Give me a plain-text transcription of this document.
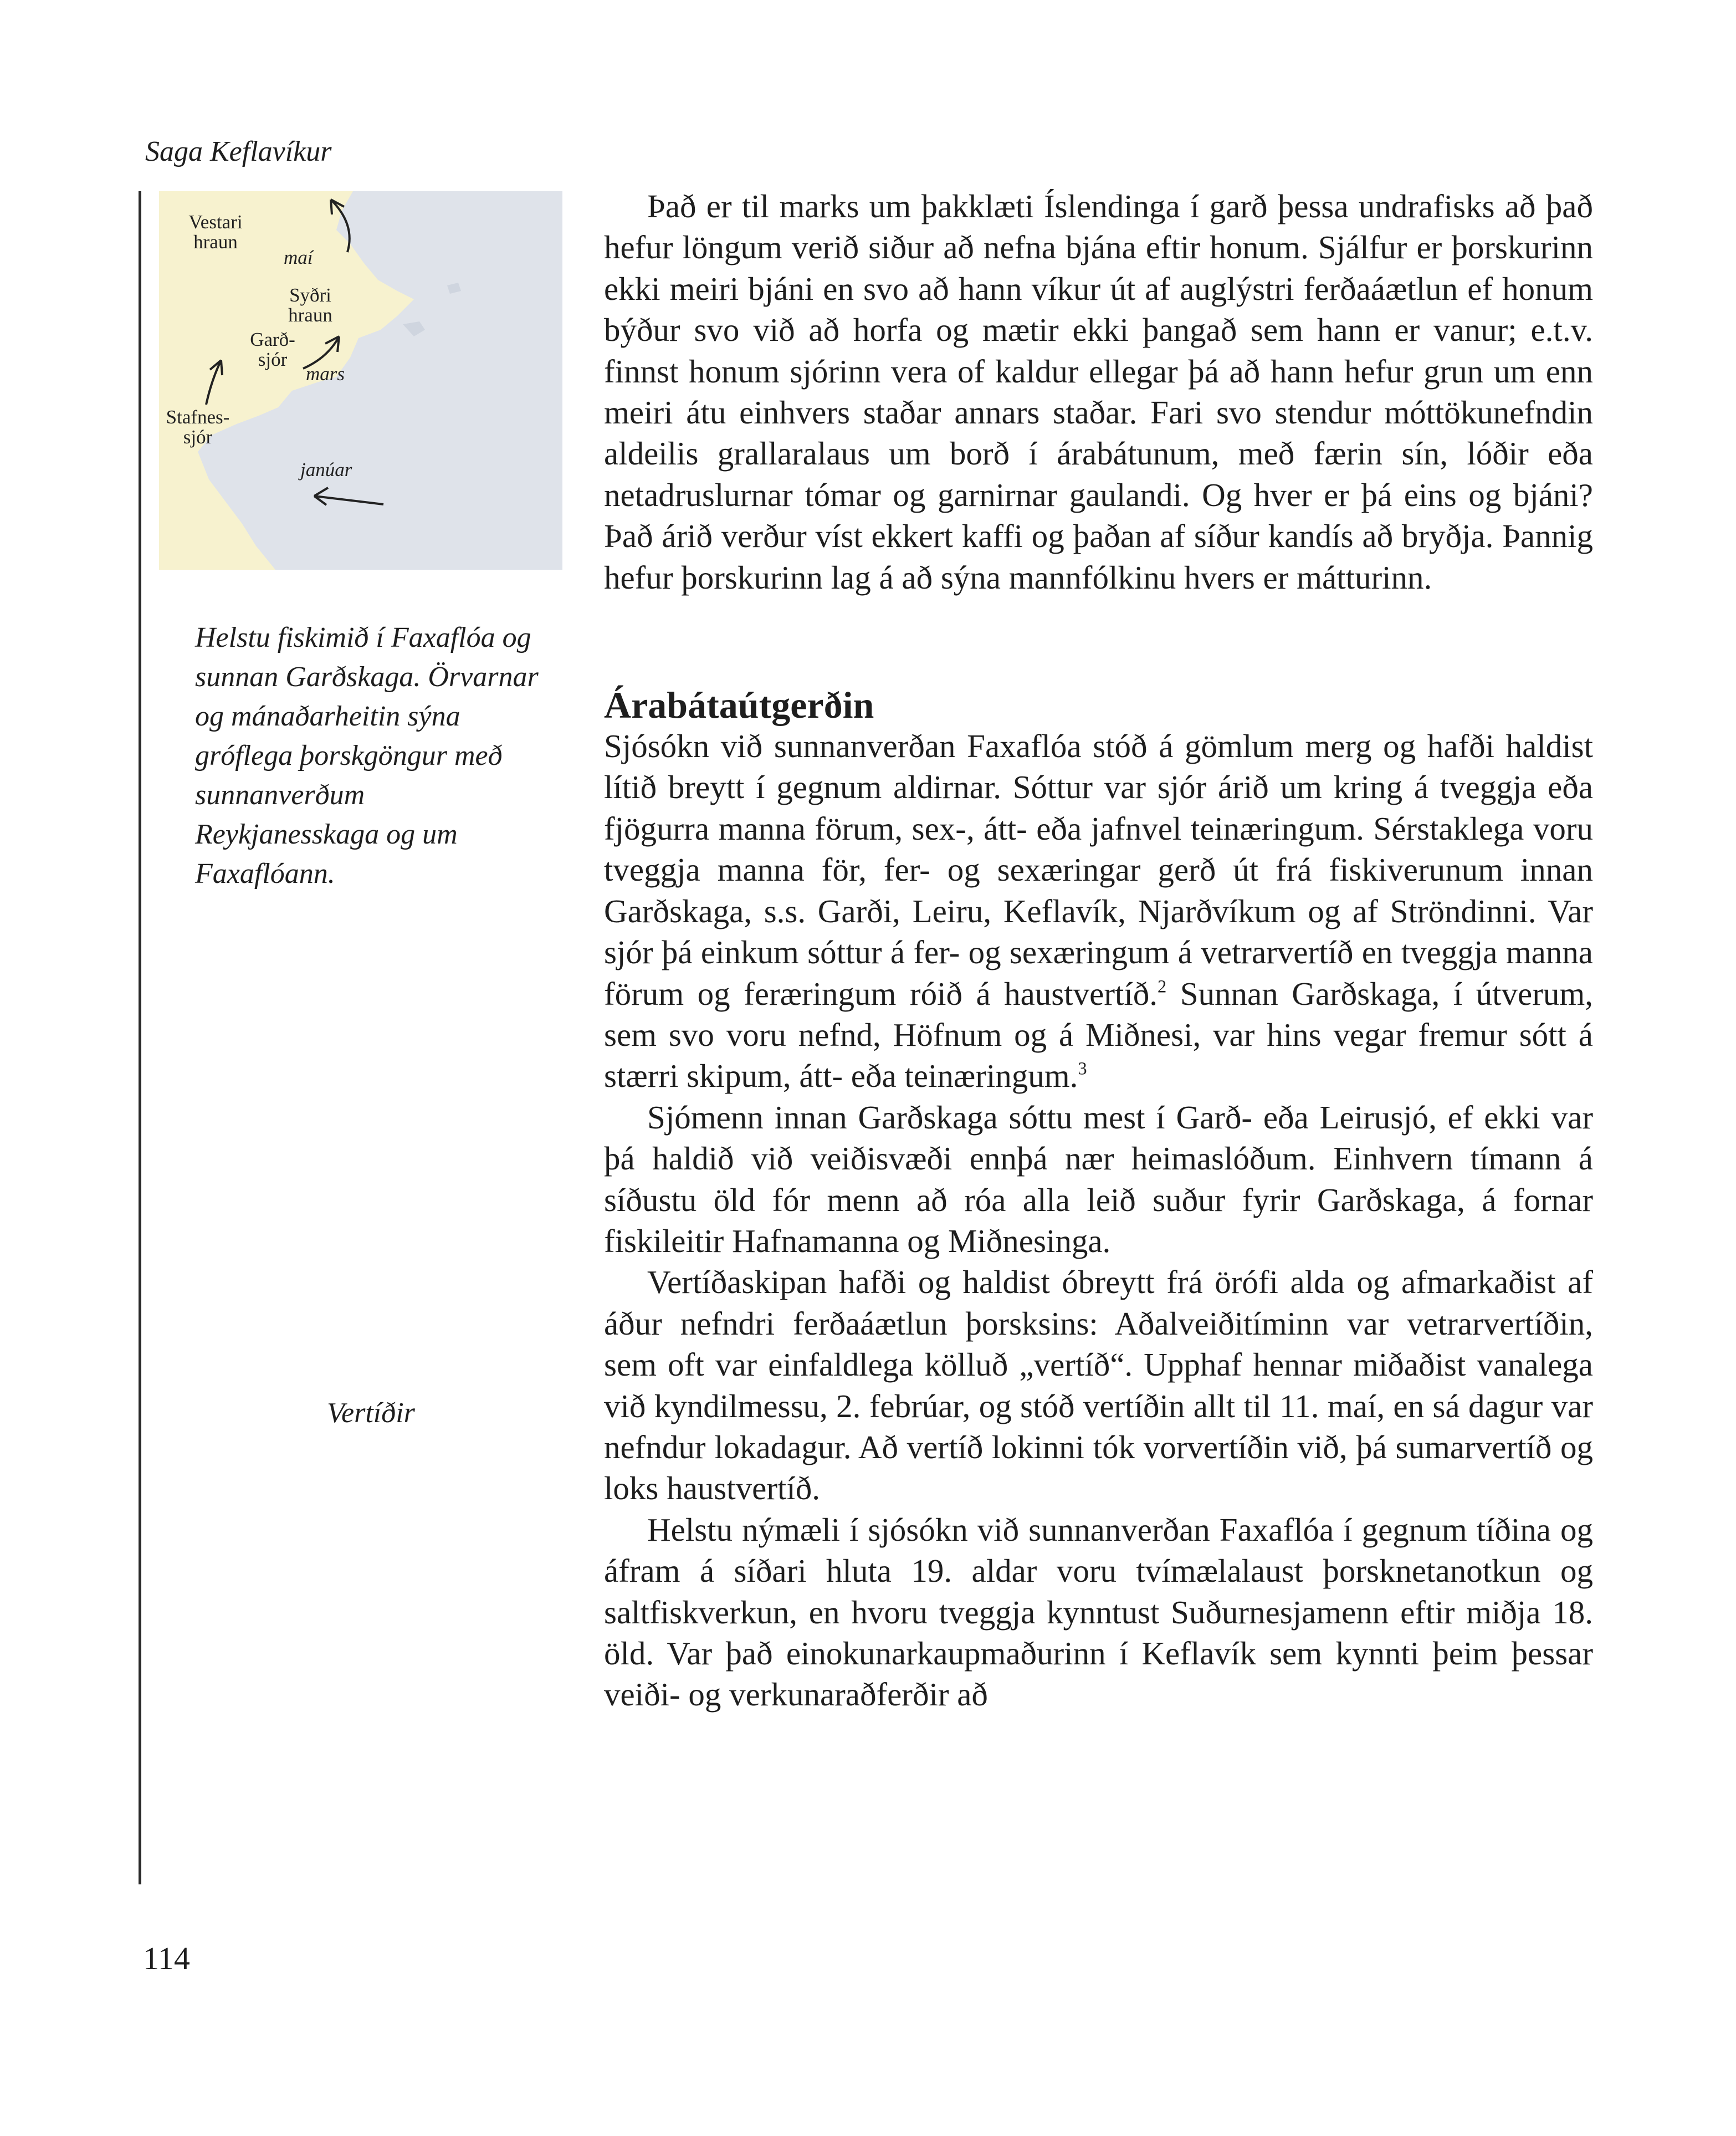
Saga Keflavíkur
Vestari hraun
Syðri hraun
Garð- sjór
Stafnes- sjór
maí
mars
janúar
Helstu fiskimið í Faxaflóa og sunnan Garðskaga. Örvarnar og mánaðarheitin sýna gróflega þorskgöngur með sunnanverðum Reykjanesskaga og um Faxaflóann.
Vertíðir
114

Það er til marks um þakklæti Íslendinga í garð þessa undrafisks að það hefur löngum verið siður að nefna bjána eftir honum. Sjálfur er þorskurinn ekki meiri bjáni en svo að hann víkur út af auglýstri ferðaáætlun ef honum býður svo við að horfa og mætir ekki þangað sem hann er vanur; e.t.v. finnst honum sjórinn vera of kaldur ellegar þá að hann hefur grun um enn meiri átu einhvers staðar annars staðar. Fari svo stendur móttökunefndin aldeilis grallaralaus um borð í árabátunum, með færin sín, lóðir eða netadruslurnar tómar og garnirnar gaulandi. Og hver er þá eins og bjáni? Það árið verður víst ekkert kaffi og þaðan af síður kandís að bryðja. Þannig hefur þorskurinn lag á að sýna mannfólkinu hvers er mátturinn.

Árabátaútgerðin

Sjósókn við sunnanverðan Faxaflóa stóð á gömlum merg og hafði haldist lítið breytt í gegnum aldirnar. Sóttur var sjór árið um kring á tveggja eða fjögurra manna förum, sex-, átt- eða jafnvel teinæringum. Sérstaklega voru tveggja manna för, fer- og sexæringar gerð út frá fiskiverunum innan Garðskaga, s.s. Garði, Leiru, Keflavík, Njarðvíkum og af Ströndinni. Var sjór þá einkum sóttur á fer- og sexæringum á vetrarvertíð en tveggja manna förum og feræringum róið á haustvertíð.$^2$ Sunnan Garðskaga, í útverum, sem svo voru nefnd, Höfnum og á Miðnesi, var hins vegar fremur sótt á stærri skipum, átt- eða teinæringum.$^3$

Sjómenn innan Garðskaga sóttu mest í Garð- eða Leirusjó, ef ekki var þá haldið við veiðisvæði ennþá nær heimaslóðum. Einhvern tímann á síðustu öld fór menn að róa alla leið suður fyrir Garðskaga, á fornar fiskileitir Hafnamanna og Miðnesinga.

Vertíðaskipan hafði og haldist óbreytt frá örófi alda og afmarkaðist af áður nefndri ferðaáætlun þorsksins: Aðalveiðitíminn var vetrarvertíðin, sem oft var einfaldlega kölluð „vertíð“. Upphaf hennar miðaðist vanalega við kyndilmessu, 2. febrúar, og stóð vertíðin allt til 11. maí, en sá dagur var nefndur lokadagur. Að vertíð lokinni tók vorvertíðin við, þá sumarvertíð og loks haustvertíð.

Helstu nýmæli í sjósókn við sunnanverðan Faxaflóa í gegnum tíðina og áfram á síðari hluta 19. aldar voru tvímælalaust þorsknetanotkun og saltfiskverkun, en hvoru tveggja kynntust Suðurnesjamenn eftir miðja 18. öld. Var það einokunarkaupmaðurinn í Keflavík sem kynnti þeim þessar veiði- og verkunaraðferðir að
